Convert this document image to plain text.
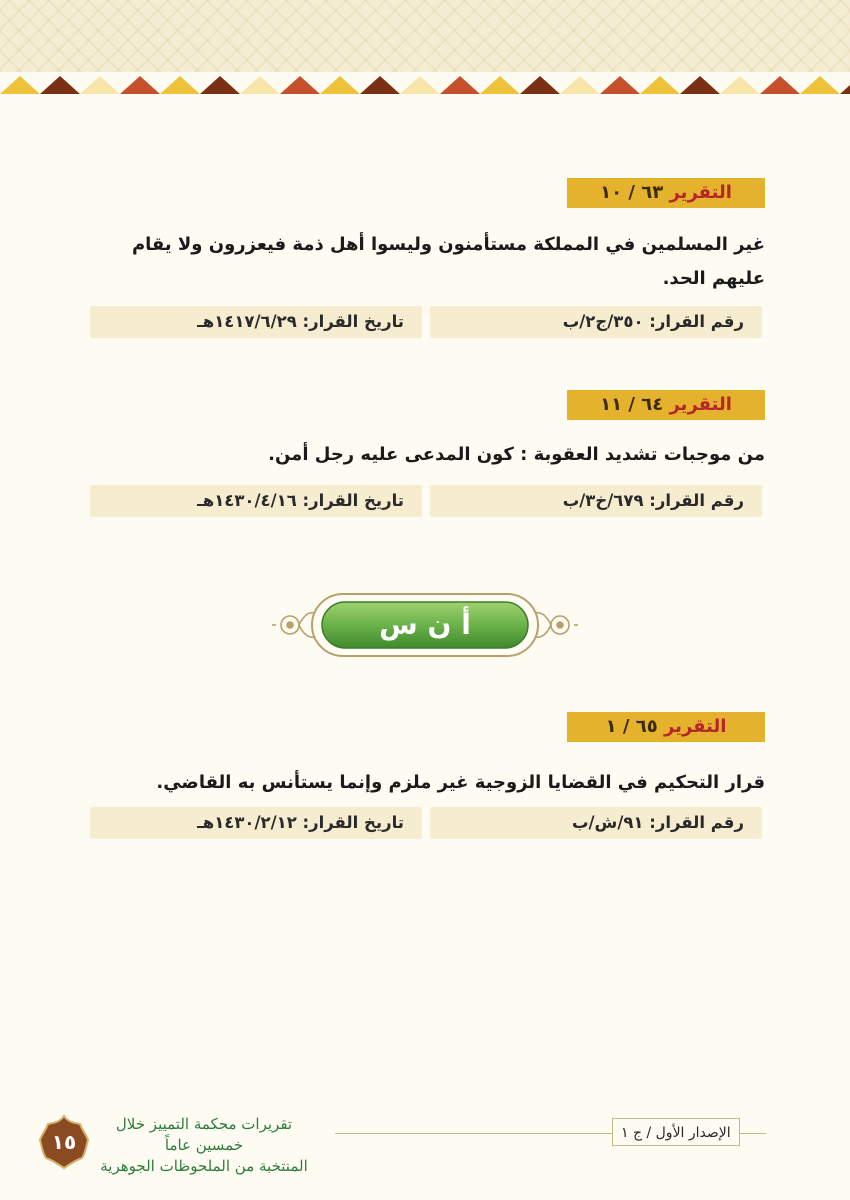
التقرير ٦٣ / ١٠
غير المسلمين في المملكة مستأمنون وليسوا أهل ذمة فيعزرون ولا يقام عليهم الحد.
رقم القرار: ٣٥٠/ج٢/ب
تاريخ القرار: ١٤١٧/٦/٢٩هـ
التقرير ٦٤ / ١١
من موجبات تشديد العقوبة : كون المدعى عليه رجل أمن.
رقم القرار: ٦٧٩/خ٣/ب
تاريخ القرار: ١٤٣٠/٤/١٦هـ
أ ن س
التقرير ٦٥ / ١
قرار التحكيم في القضايا الزوجية غير ملزم وإنما يستأنس به القاضي.
رقم القرار: ٩١/ش/ب
تاريخ القرار: ١٤٣٠/٢/١٢هـ
الإصدار الأول / ج ١
تقريرات محكمة التمييز خلال خمسين عاماً
المنتخبة من الملحوظات الجوهرية
١٥
